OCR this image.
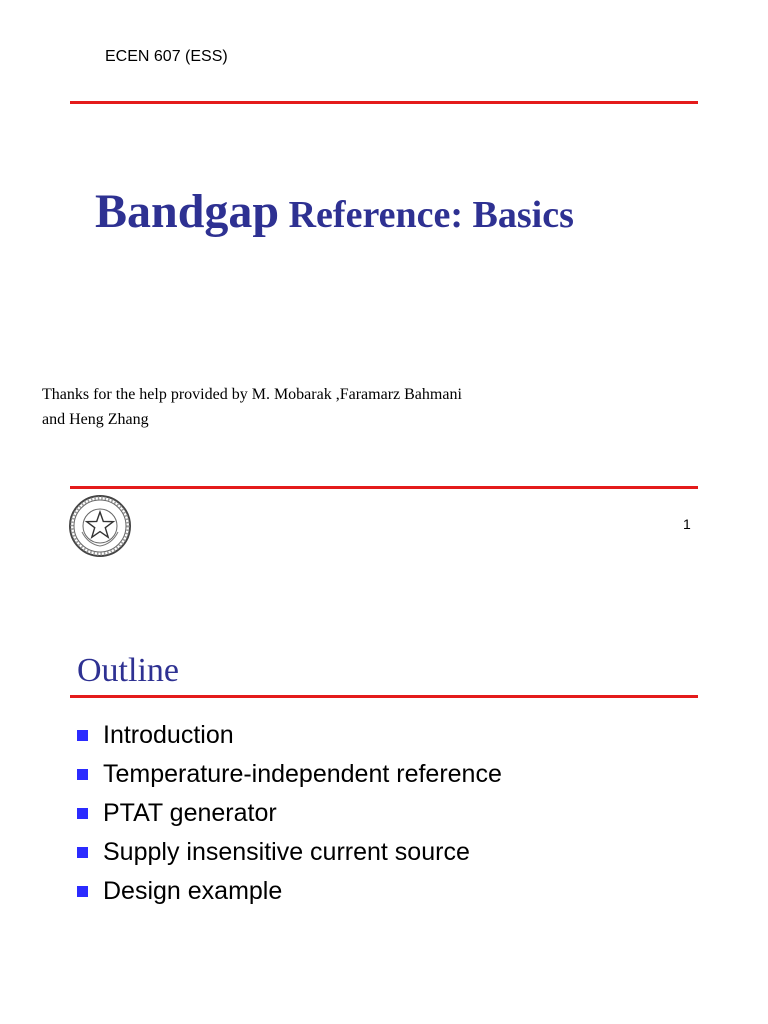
ECEN 607 (ESS)
Bandgap Reference: Basics
Thanks for the help provided by M. Mobarak ,Faramarz Bahmani
and Heng Zhang
1
Outline
Introduction
Temperature-independent reference
PTAT generator
Supply insensitive current source
Design example
